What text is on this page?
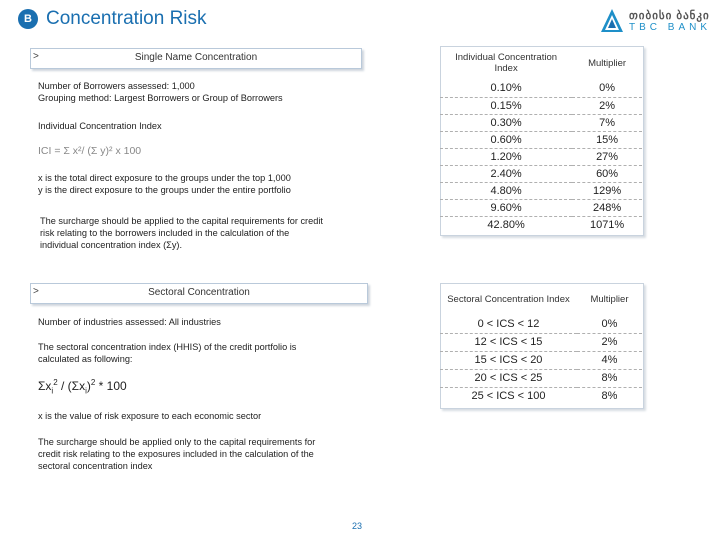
B Concentration Risk	თიბისი ბანკი
TBC BANK
>	Single Name Concentration
Number of Borrowers assessed: 1,000
Grouping method: Largest Borrowers or Group of Borrowers
Individual Concentration Index
ICI = Σ x²/ (Σ y)² x 100
x is the total direct exposure to the groups under the top 1,000
y is the direct exposure to the groups under the entire portfolio
The surcharge should be applied to the capital requirements for credit
risk relating to the borrowers included in the calculation of the
individual concentration index (Σy).
Individual Concentration
Index	Multiplier
0.10%	0%
0.15%	2%
0.30%	7%
0.60%	15%
1.20%	27%
2.40%	60%
4.80%	129%
9.60%	248%
42.80%	1071%
>	Sectoral Concentration
Number of industries assessed: All industries
The sectoral concentration index (HHIS) of the credit portfolio is
calculated as following:
$\Sigma x_i^2 / (\Sigma x_i)^2 * 100$
x is the value of risk exposure to each economic sector
The surcharge should be applied only to the capital requirements for
credit risk relating to the exposures included in the calculation of the
sectoral concentration index
Sectoral Concentration Index	Multiplier
0 < ICS < 12	0%
12 < ICS < 15	2%
15 < ICS < 20	4%
20 < ICS < 25	8%
25 < ICS < 100	8%
23
